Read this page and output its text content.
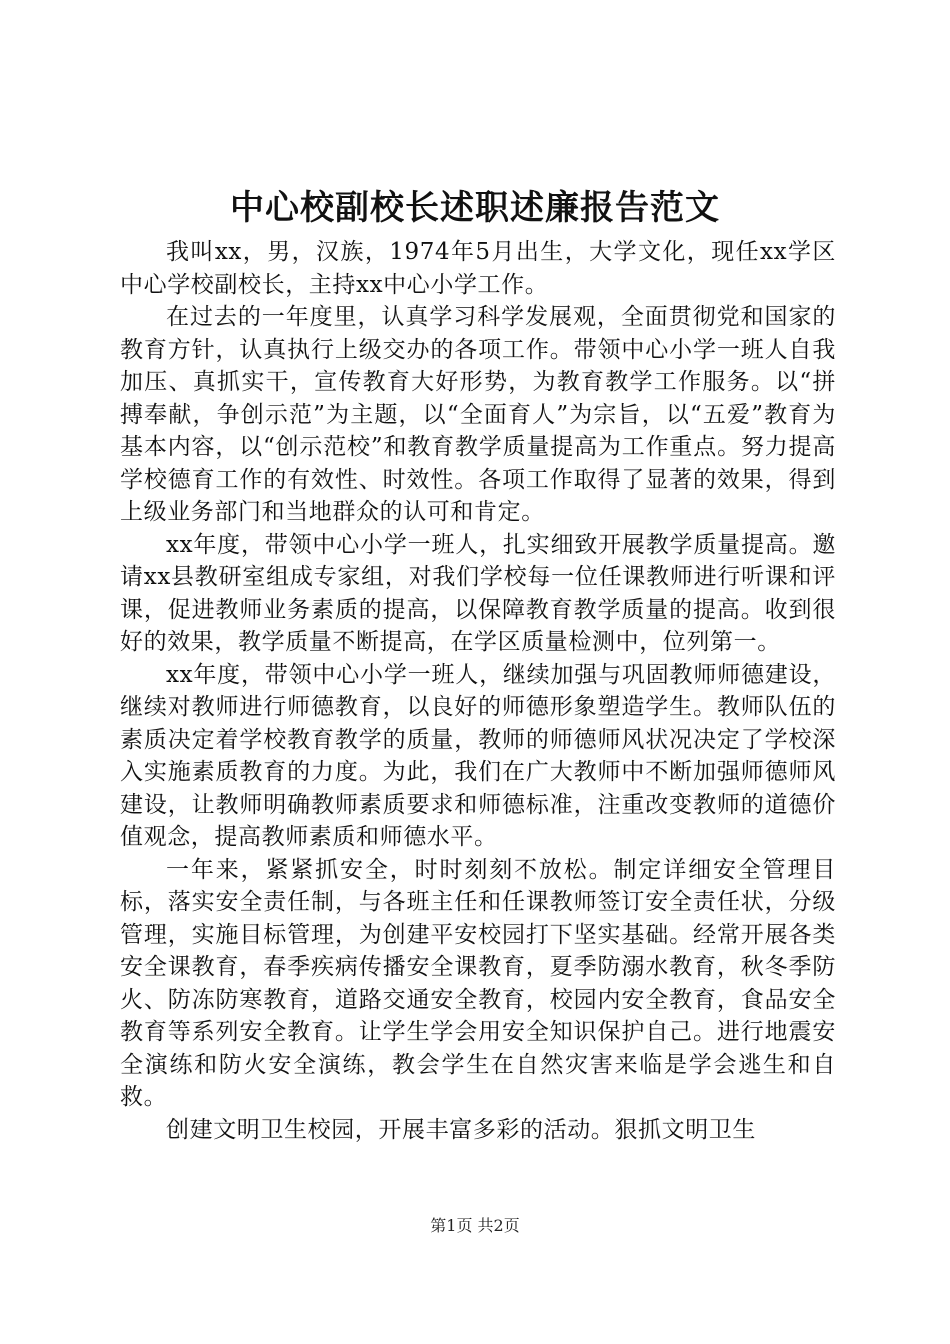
中心校副校长述职述廉报告范文

我叫xx，男，汉族，1974年5月出生，大学文化，现任xx学区中心学校副校长，主持xx中心小学工作。

在过去的一年度里，认真学习科学发展观，全面贯彻党和国家的教育方针，认真执行上级交办的各项工作。带领中心小学一班人自我加压、真抓实干，宣传教育大好形势，为教育教学工作服务。以“拼搏奉献，争创示范”为主题，以“全面育人”为宗旨，以“五爱”教育为基本内容，以“创示范校”和教育教学质量提高为工作重点。努力提高学校德育工作的有效性、时效性。各项工作取得了显著的效果，得到上级业务部门和当地群众的认可和肯定。

xx年度，带领中心小学一班人，扎实细致开展教学质量提高。邀请xx县教研室组成专家组，对我们学校每一位任课教师进行听课和评课，促进教师业务素质的提高，以保障教育教学质量的提高。收到很好的效果，教学质量不断提高，在学区质量检测中，位列第一。

xx年度，带领中心小学一班人，继续加强与巩固教师师德建设，继续对教师进行师德教育，以良好的师德形象塑造学生。教师队伍的素质决定着学校教育教学的质量，教师的师德师风状况决定了学校深入实施素质教育的力度。为此，我们在广大教师中不断加强师德师风建设，让教师明确教师素质要求和师德标准，注重改变教师的道德价值观念，提高教师素质和师德水平。

一年来，紧紧抓安全，时时刻刻不放松。制定详细安全管理目标，落实安全责任制，与各班主任和任课教师签订安全责任状，分级管理，实施目标管理，为创建平安校园打下坚实基础。经常开展各类安全课教育，春季疾病传播安全课教育，夏季防溺水教育，秋冬季防火、防冻防寒教育，道路交通安全教育，校园内安全教育，食品安全教育等系列安全教育。让学生学会用安全知识保护自己。进行地震安全演练和防火安全演练，教会学生在自然灾害来临是学会逃生和自救。

创建文明卫生校园，开展丰富多彩的活动。狠抓文明卫生

第1页 共2页
